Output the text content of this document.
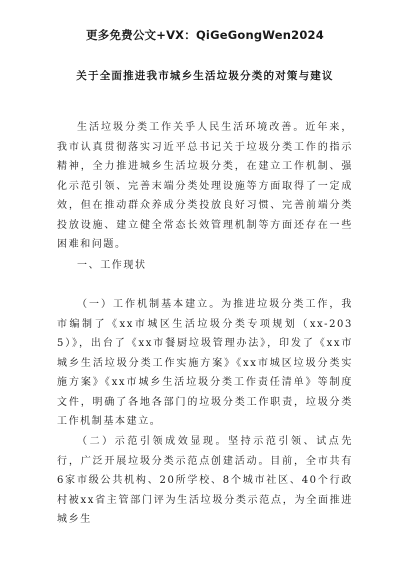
更多免费公文+VX：QiGeGongWen2024
关于全面推进我市城乡生活垃圾分类的对策与建议

生活垃圾分类工作关乎人民生活环境改善。近年来，我市认真贯彻落实习近平总书记关于垃圾分类工作的指示精神，全力推进城乡生活垃圾分类，在建立工作机制、强化示范引领、完善末端分类处理设施等方面取得了一定成效，但在推动群众养成分类投放良好习惯、完善前端分类投放设施、建立健全常态长效管理机制等方面还存在一些困难和问题。

一、工作现状

（一）工作机制基本建立。为推进垃圾分类工作，我市编制了《xx市城区生活垃圾分类专项规划（xx-2035）》，出台了《xx市餐厨垃圾管理办法》，印发了《xx市城乡生活垃圾分类工作实施方案》《xx市城区垃圾分类实施方案》《xx市城乡生活垃圾分类工作责任清单》等制度文件，明确了各地各部门的垃圾分类工作职责，垃圾分类工作机制基本建立。

（二）示范引领成效显现。坚持示范引领、试点先行，广泛开展垃圾分类示范点创建活动。目前，全市共有6家市级公共机构、20所学校、8个城市社区、40个行政村被xx省主管部门评为生活垃圾分类示范点，为全面推进城乡生
